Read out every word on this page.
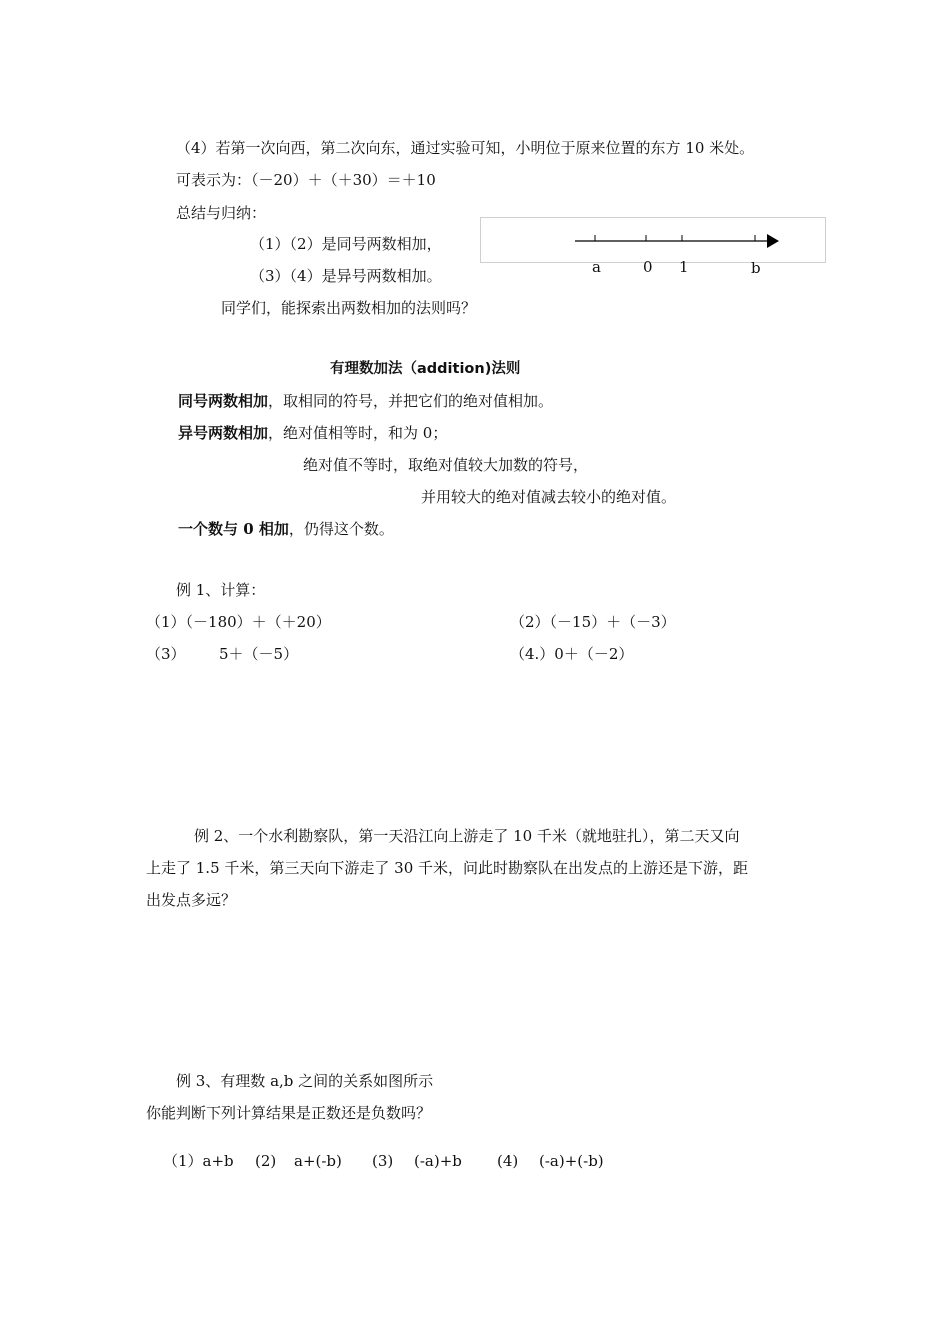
（4）若第一次向西，第二次向东，通过实验可知，小明位于原来位置的东方 10 米处。
可表示为：（－20）＋（＋30）＝＋10
总结与归纳：
（1）（2）是同号两数相加，
（3）（4）是异号两数相加。
同学们，能探索出两数相加的法则吗？
a	0 1	b
有理数加法（addition)法则
同号两数相加，取相同的符号，并把它们的绝对值相加。
异号两数相加，绝对值相等时，和为 0；
绝对值不等时，取绝对值较大加数的符号，
并用较大的绝对值减去较小的绝对值。
一个数与 0 相加，仍得这个数。
例 1、计算：
（1）（－180）＋（＋20）	（2）（－15）＋（－3）
（3） 5＋（－5）	（4.）0＋（－2）
例 2、一个水利勘察队，第一天沿江向上游走了 10 千米（就地驻扎），第二天又向
上走了 1.5 千米，第三天向下游走了 30 千米，问此时勘察队在出发点的上游还是下游，距
出发点多远？
例 3、有理数 a,b 之间的关系如图所示
你能判断下列计算结果是正数还是负数吗？
（1）a+b (2) a+(-b) (3) (-a)+b (4) (-a)+(-b)
